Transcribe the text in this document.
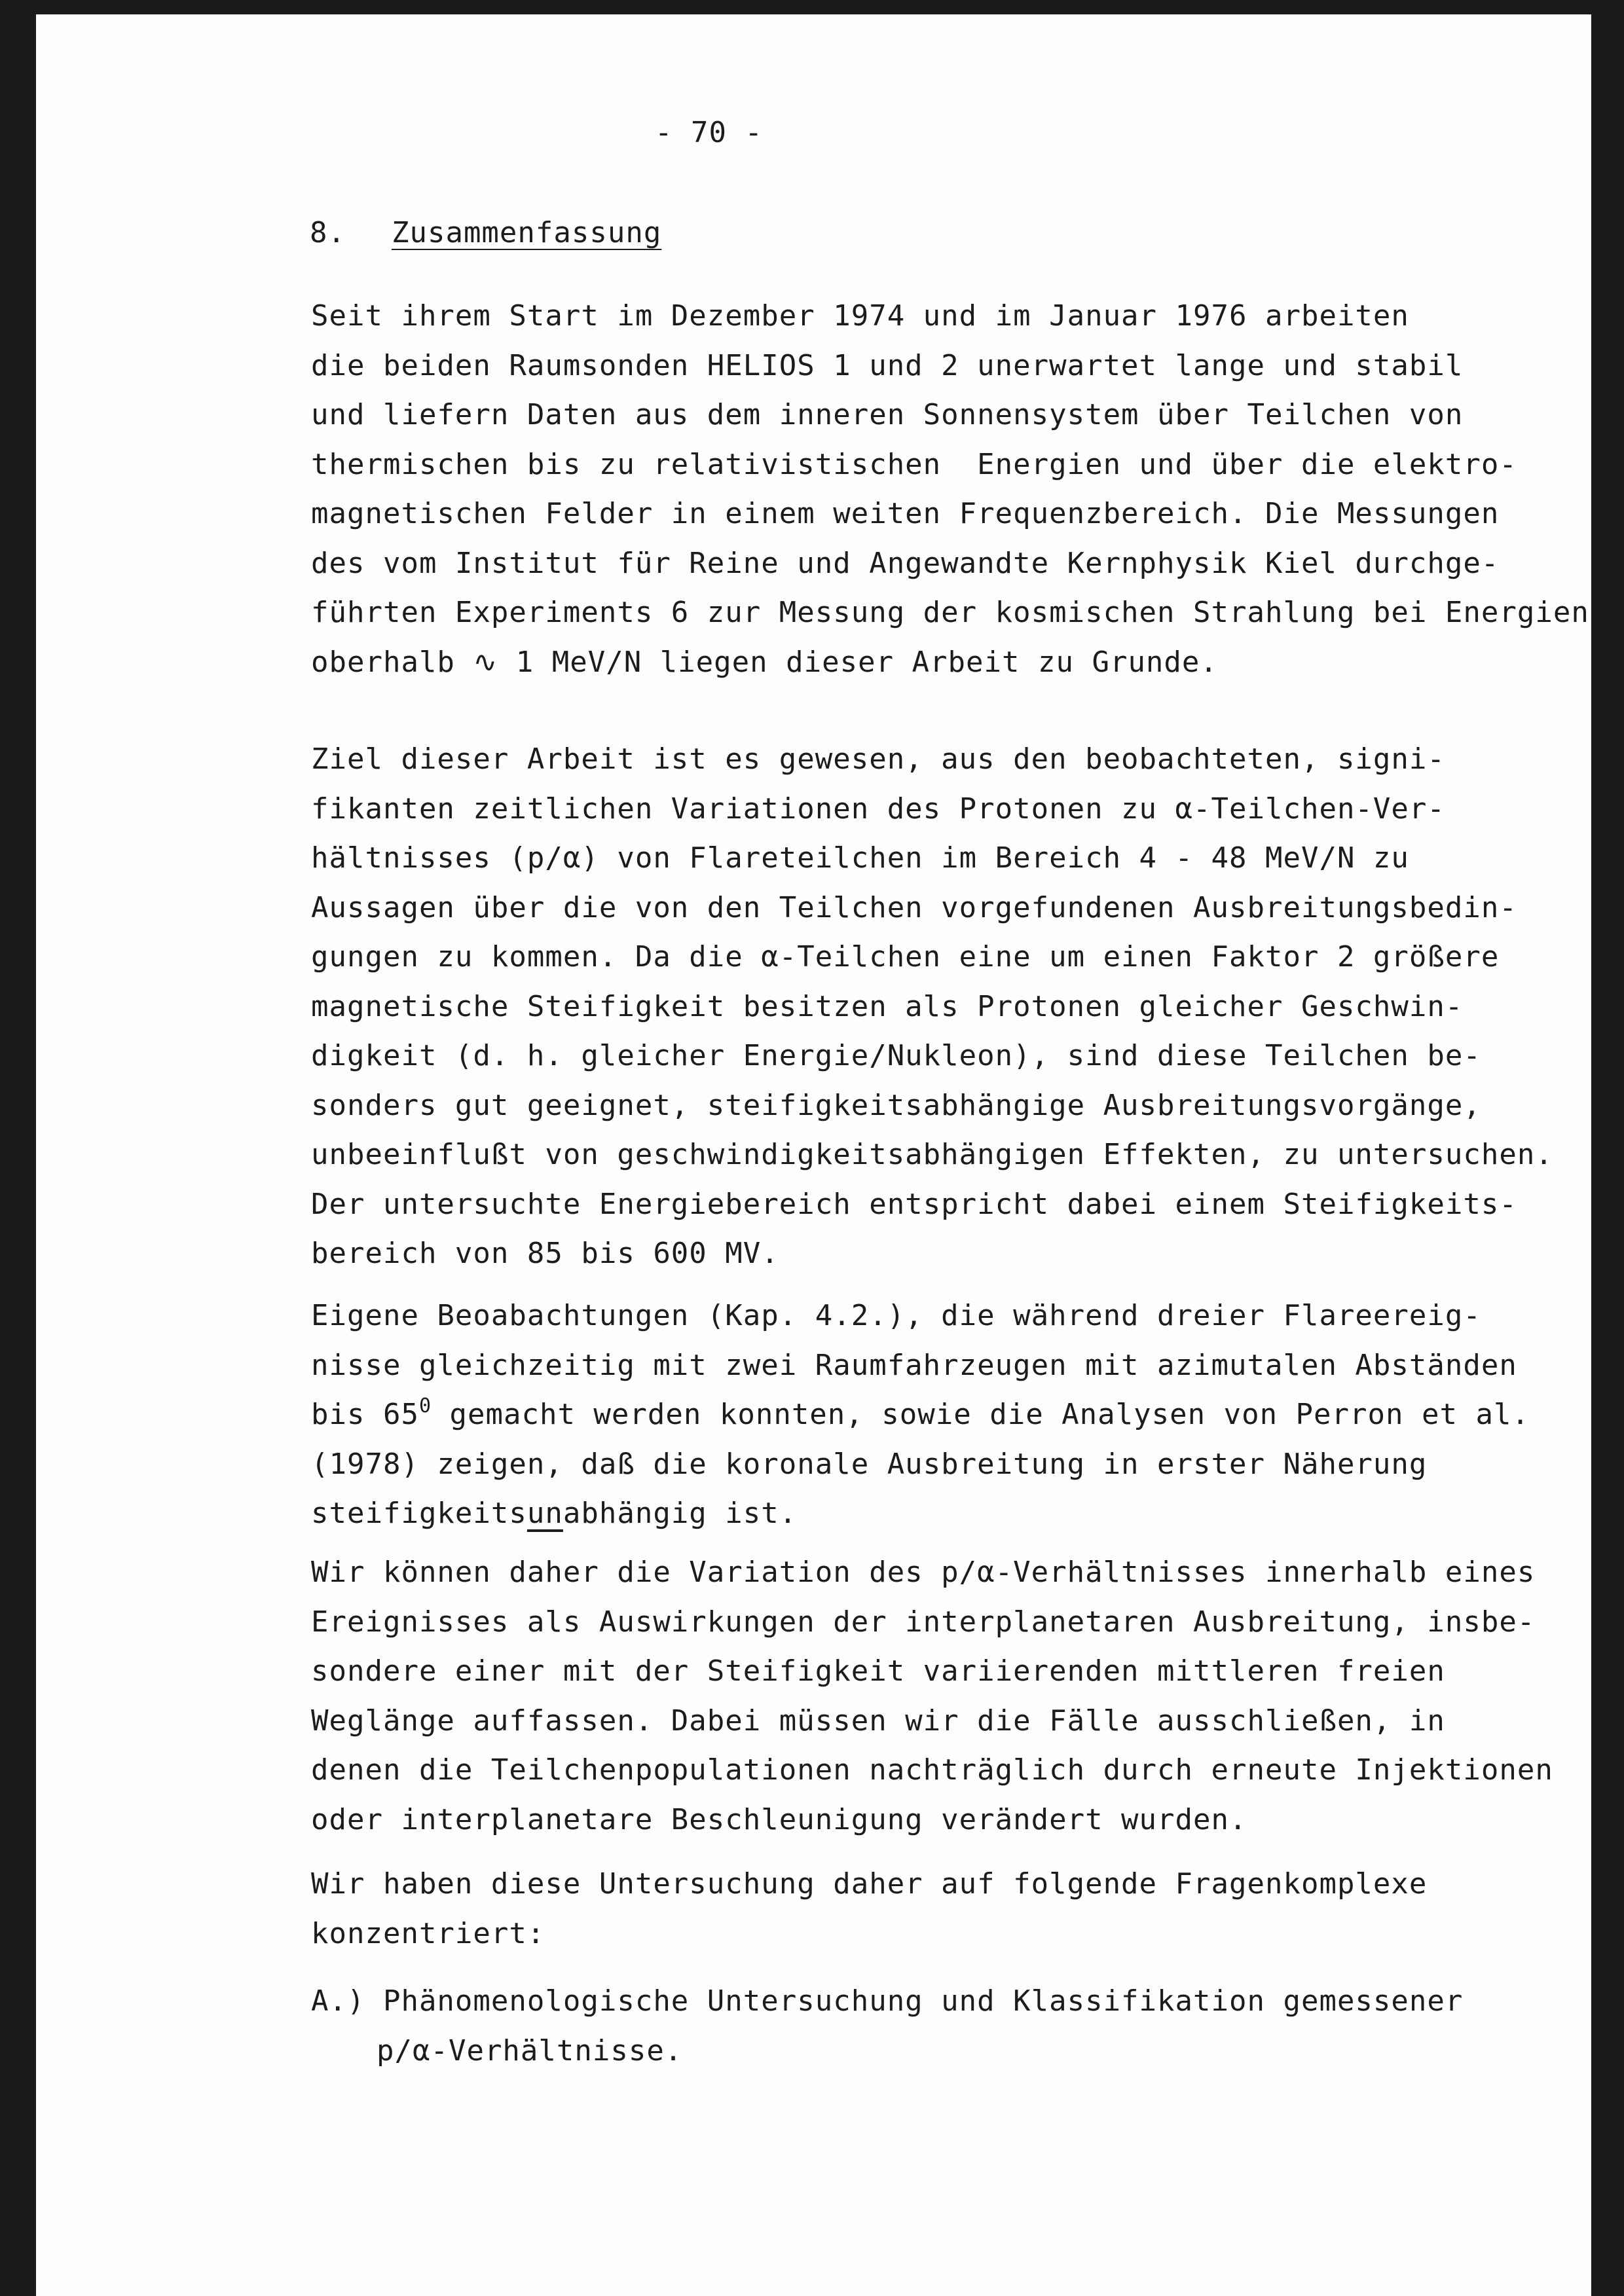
- 70 -
8. Zusammenfassung
Seit ihrem Start im Dezember 1974 und im Januar 1976 arbeiten
die beiden Raumsonden HELIOS 1 und 2 unerwartet lange und stabil
und liefern Daten aus dem inneren Sonnensystem über Teilchen von
thermischen bis zu relativistischen  Energien und über die elektro-
magnetischen Felder in einem weiten Frequenzbereich. Die Messungen
des vom Institut für Reine und Angewandte Kernphysik Kiel durchge-
führten Experiments 6 zur Messung der kosmischen Strahlung bei Energien
oberhalb ∿ 1 MeV/N liegen dieser Arbeit zu Grunde.
Ziel dieser Arbeit ist es gewesen, aus den beobachteten, signi-
fikanten zeitlichen Variationen des Protonen zu α-Teilchen-Ver-
hältnisses (p/α) von Flareteilchen im Bereich 4 - 48 MeV/N zu
Aussagen über die von den Teilchen vorgefundenen Ausbreitungsbedin-
gungen zu kommen. Da die α-Teilchen eine um einen Faktor 2 größere
magnetische Steifigkeit besitzen als Protonen gleicher Geschwin-
digkeit (d. h. gleicher Energie/Nukleon), sind diese Teilchen be-
sonders gut geeignet, steifigkeitsabhängige Ausbreitungsvorgänge,
unbeeinflußt von geschwindigkeitsabhängigen Effekten, zu untersuchen.
Der untersuchte Energiebereich entspricht dabei einem Steifigkeits-
bereich von 85 bis 600 MV.
Eigene Beoabachtungen (Kap. 4.2.), die während dreier Flareereig-
nisse gleichzeitig mit zwei Raumfahrzeugen mit azimutalen Abständen
bis $65^0$ gemacht werden konnten, sowie die Analysen von Perron et al.
(1978) zeigen, daß die koronale Ausbreitung in erster Näherung
steifigkeitsunabhängig ist.
Wir können daher die Variation des p/α-Verhältnisses innerhalb eines
Ereignisses als Auswirkungen der interplanetaren Ausbreitung, insbe-
sondere einer mit der Steifigkeit variierenden mittleren freien
Weglänge auffassen. Dabei müssen wir die Fälle ausschließen, in
denen die Teilchenpopulationen nachträglich durch erneute Injektionen
oder interplanetare Beschleunigung verändert wurden.
Wir haben diese Untersuchung daher auf folgende Fragenkomplexe
konzentriert:
A.) Phänomenologische Untersuchung und Klassifikation gemessener
p/α-Verhältnisse.
